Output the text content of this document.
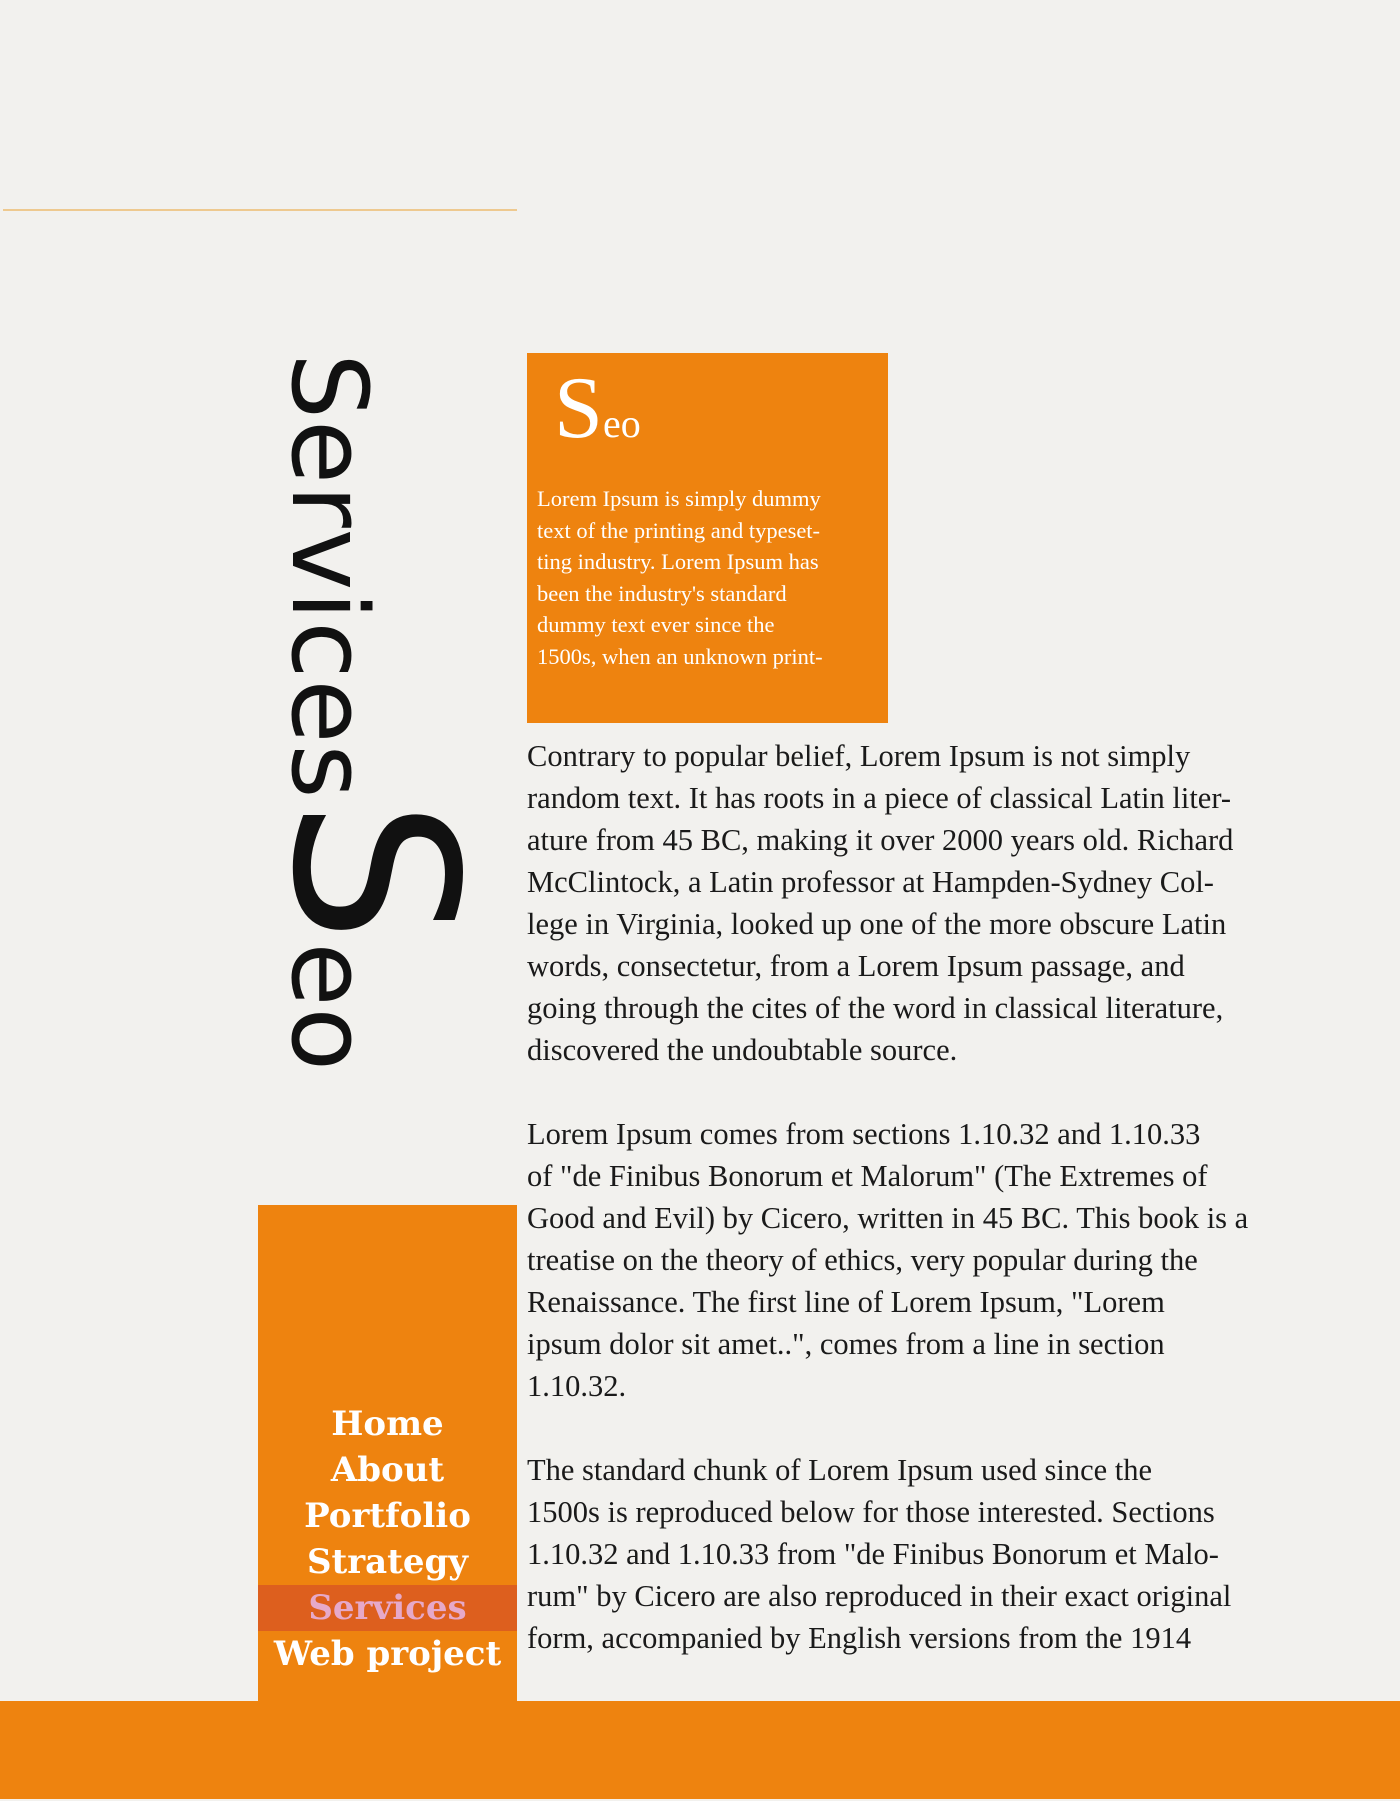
Services
S
eo
Seo
Lorem Ipsum is simply dummy
text of the printing and typeset-
ting industry. Lorem Ipsum has
been the industry's standard
dummy text ever since the
1500s, when an unknown print-

Contrary to popular belief, Lorem Ipsum is not simply
random text. It has roots in a piece of classical Latin liter-
ature from 45 BC, making it over 2000 years old. Richard
McClintock, a Latin professor at Hampden-Sydney Col-
lege in Virginia, looked up one of the more obscure Latin
words, consectetur, from a Lorem Ipsum passage, and
going through the cites of the word in classical literature,
discovered the undoubtable source.

Lorem Ipsum comes from sections 1.10.32 and 1.10.33
of "de Finibus Bonorum et Malorum" (The Extremes of
Good and Evil) by Cicero, written in 45 BC. This book is a
treatise on the theory of ethics, very popular during the
Renaissance. The first line of Lorem Ipsum, "Lorem
ipsum dolor sit amet..", comes from a line in section
1.10.32.

The standard chunk of Lorem Ipsum used since the
1500s is reproduced below for those interested. Sections
1.10.32 and 1.10.33 from "de Finibus Bonorum et Malo-
rum" by Cicero are also reproduced in their exact original
form, accompanied by English versions from the 1914

Home
About
Portfolio
Strategy
Services
Web project
